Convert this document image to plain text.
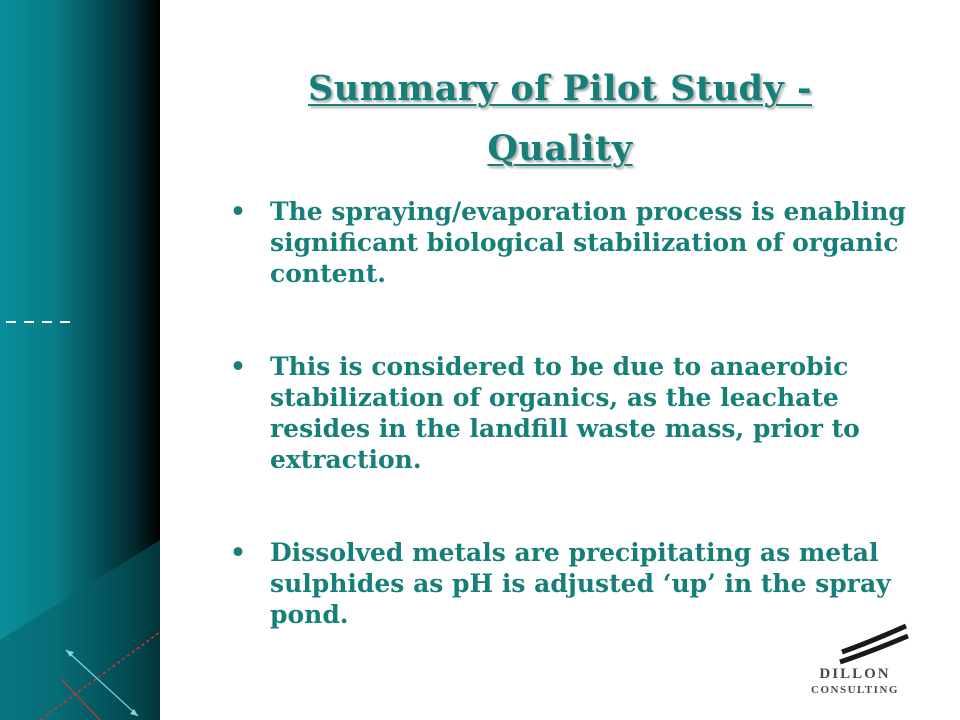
Summary of Pilot Study -
Quality
• The spraying/evaporation process is enabling significant biological stabilization of organic content.
• This is considered to be due to anaerobic stabilization of organics, as the leachate resides in the landfill waste mass, prior to extraction.
• Dissolved metals are precipitating as metal sulphides as pH is adjusted ‘up’ in the spray pond.
DILLON
CONSULTING
